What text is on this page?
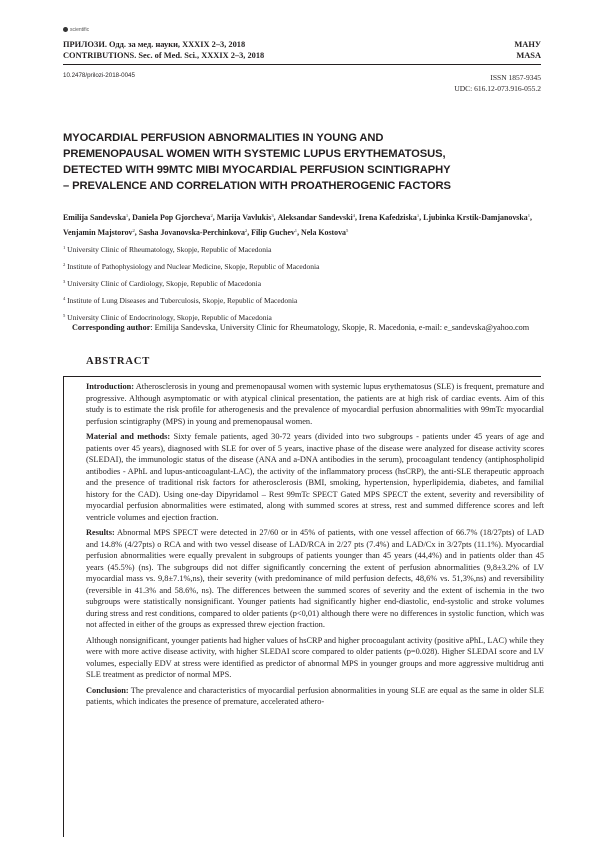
scientific
ПРИЛОЗИ. Одд. за мед. науки, XXXIX 2–3, 2018
CONTRIBUTIONS. Sec. of Med. Sci., XXXIX 2–3, 2018
МАНУ
MASA
10.2478/prilozi-2018-0045	ISSN 1857-9345
UDC: 616.12-073.916-055.2
MYOCARDIAL PERFUSION ABNORMALITIES IN YOUNG AND
PREMENOPAUSAL WOMEN WITH SYSTEMIC LUPUS ERYTHEMATOSUS,
DETECTED WITH 99MTC MIBI MYOCARDIAL PERFUSION SCINTIGRAPHY
– PREVALENCE AND CORRELATION WITH PROATHEROGENIC FACTORS
Emilija Sandevska$^1$, Daniela Pop Gjorcheva$^2$, Marija Vavlukis$^3$, Aleksandar Sandevski$^4$, Irena Kafedziska$^1$, Ljubinka Krstik-Damjanovska$^1$, Venjamin Majstorov$^2$, Sasha Jovanovska-Perchinkova$^2$, Filip Guchev$^1$, Nela Kostova$^5$
$^1$ University Clinic of Rheumatology, Skopje, Republic of Macedonia
$^2$ Institute of Pathophysiology and Nuclear Medicine, Skopje, Republic of Macedonia
$^3$ University Clinic of Cardiology, Skopje, Republic of Macedonia
$^4$ Institute of Lung Diseases and Tuberculosis, Skopje, Republic of Macedonia
$^5$ University Clinic of Endocrinology, Skopje, Republic of Macedonia
Corresponding author: Emilija Sandevska, University Clinic for Rheumatology, Skopje, R. Macedonia, e-mail: e_sandevska@yahoo.com
ABSTRACT

Introduction: Atherosclerosis in young and premenopausal women with systemic lupus erythematosus (SLE) is frequent, premature and progressive. Although asymptomatic or with atypical clinical presentation, the patients are at high risk of cardiac events. Aim of this study is to estimate the risk profile for atherogenesis and the prevalence of myocardial perfusion abnormalities with 99mTc myocardial perfusion scintigraphy (MPS) in young and premenopausal women.

Material and methods: Sixty female patients, aged 30-72 years (divided into two subgroups - patients under 45 years of age and patients over 45 years), diagnosed with SLE for over of 5 years, inactive phase of the disease were analyzed for disease activity scores (SLEDAI), the immunologic status of the disease (ANA and a-DNA antibodies in the serum), procoagulant tendency (antiphospholipid antibodies - APhL and lupus-anticoagulant-LAC), the activity of the inflammatory process (hsCRP), the anti-SLE therapeutic approach and the presence of traditional risk factors for atherosclerosis (BMI, smoking, hypertension, hyperlipidemia, diabetes, and familial history for the CAD). Using one-day Dipyridamol – Rest 99mTc SPECT Gated MPS SPECT the extent, severity and reversibility of myocardial perfusion abnormalities were estimated, along with summed scores at stress, rest and summed difference scores and left ventricle volumes and ejection fraction.

Results: Abnormal MPS SPECT were detected in 27/60 or in 45% of patients, with one vessel affection of 66.7% (18/27pts) of LAD and 14.8% (4/27pts) o RCA and with two vessel disease of LAD/RCA in 2/27 pts (7.4%) and LAD/Cx in 3/27pts (11.1%). Myocardial perfusion abnormalities were equally prevalent in subgroups of patients younger than 45 years (44,4%) and in patients older than 45 years (45.5%) (ns). The subgroups did not differ significantly concerning the extent of perfusion abnormalities (9,8±3.2% of LV myocardial mass vs. 9,8±7.1%,ns), their severity (with predominance of mild perfusion defects, 48,6% vs. 51,3%,ns) and reversibility (reversible in 41.3% and 58.6%, ns). The differences between the summed scores of severity and the extent of ischemia in the two subgroups were statistically nonsignificant. Younger patients had significantly higher end-diastolic, end-systolic and stroke volumes during stress and rest conditions, compared to older patients (p<0,01) although there were no differences in systolic function, which was not affected in either of the groups as expressed threw ejection fraction.

Although nonsignificant, younger patients had higher values of hsCRP and higher procoagulant activity (positive aPhL, LAC) while they were with more active disease activity, with higher SLEDAI score compared to older patients (p=0.028). Higher SLEDAI score and LV volumes, especially EDV at stress were identified as predictor of abnormal MPS in younger groups and more aggressive multidrug anti SLE treatment as predictor of normal MPS.

Conclusion: The prevalence and characteristics of myocardial perfusion abnormalities in young SLE are equal as the same in older SLE patients, which indicates the presence of premature, accelerated athero-
